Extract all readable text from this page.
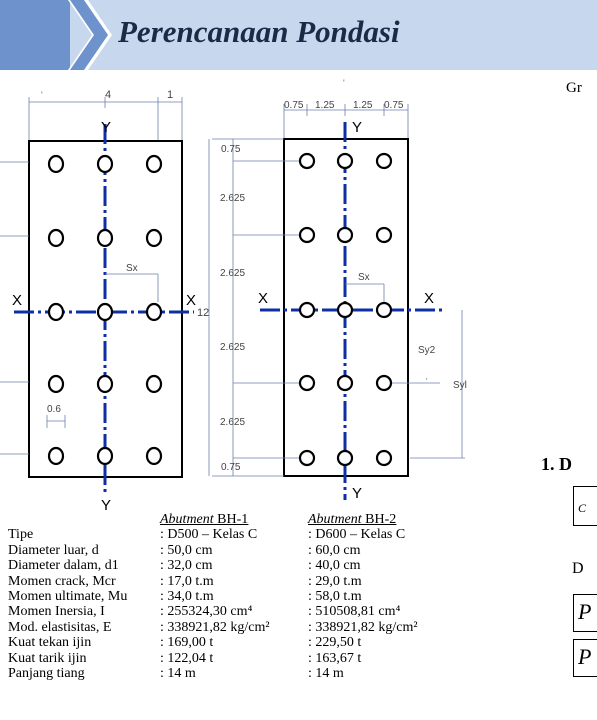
Perencanaan Pondasi
Gr
1. D
C
D
P
P
'	4	1
Y
Y
X	X
Sx
0.6
'
0.75 1.25 1.25 0.75
0.75
2.625
2.625
2.625
2.625
0.75
12
Y
Y
X	X
Sx
Sy2
'	Syl
Abutment BH-1	Abutment BH-2
Tipe	: D500 – Kelas C	: D600 – Kelas C
Diameter luar, d	: 50,0 cm	: 60,0 cm
Diameter dalam, d1	: 32,0 cm	: 40,0 cm
Momen crack, Mcr	: 17,0 t.m	: 29,0 t.m
Momen ultimate, Mu : 34,0 t.m	: 58,0 t.m
Momen Inersia, I	: 255324,30 cm⁴	: 510508,81 cm⁴
Mod. elastisitas, E	: 338921,82 kg/cm²	: 338921,82 kg/cm²
Kuat tekan ijin	: 169,00 t	: 229,50 t
Kuat tarik ijin	: 122,04 t	: 163,67 t
Panjang tiang	: 14 m	: 14 m
